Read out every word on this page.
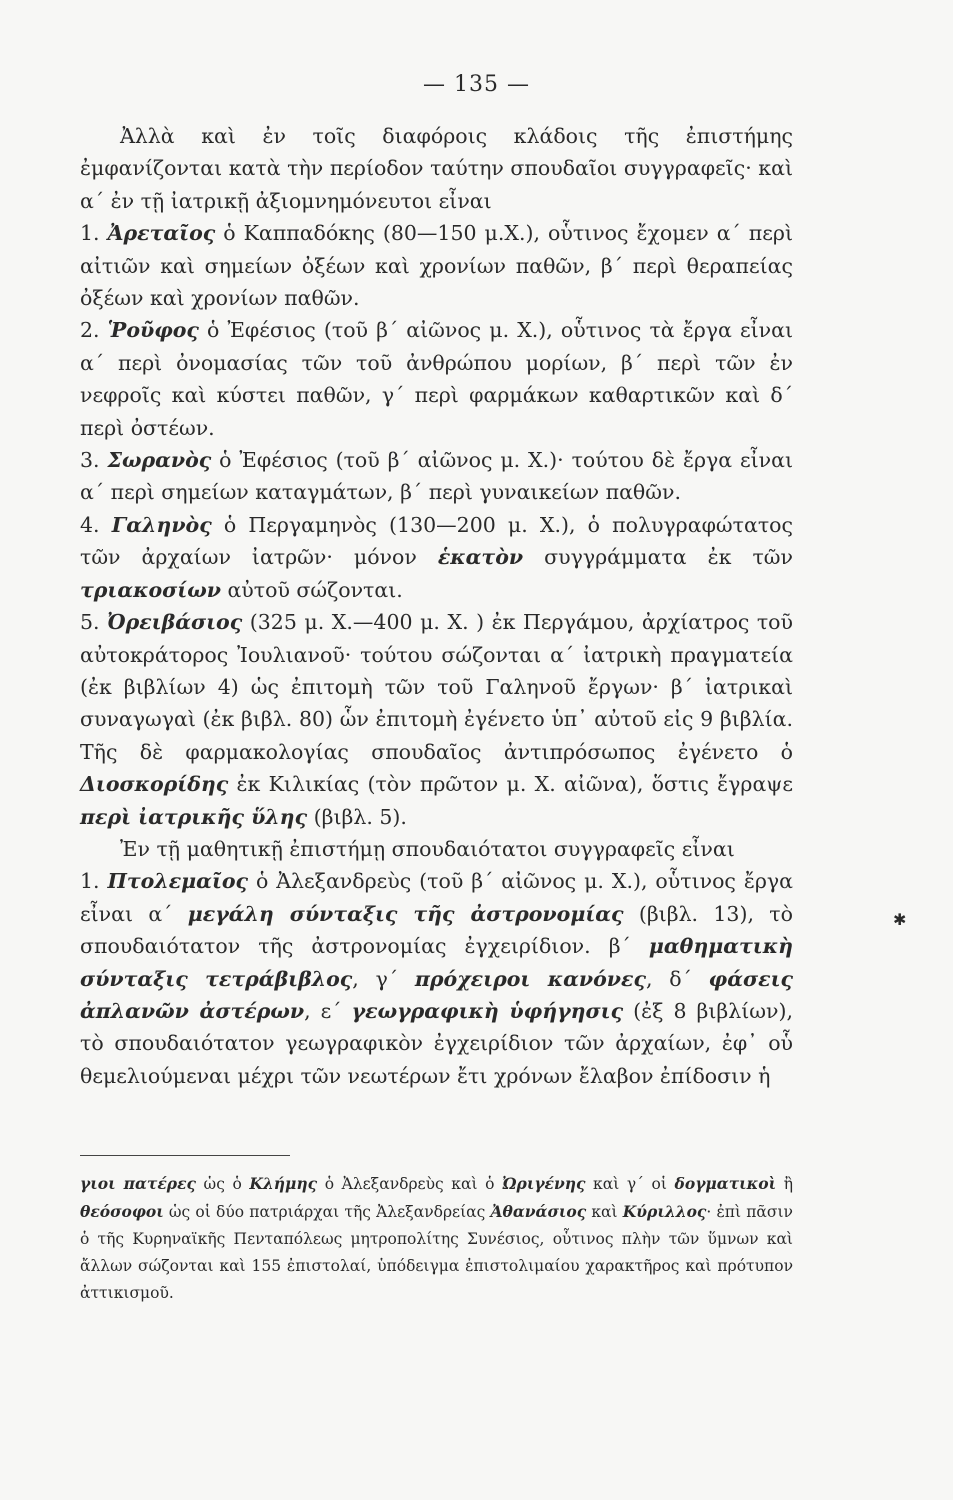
— 135 —

Ἀλλὰ καὶ ἐν τοῖς διαφόροις κλάδοις τῆς ἐπιστήμης ἐμφανίζονται κατὰ τὴν περίοδον ταύτην σπουδαῖοι συγγραφεῖς· καὶ α΄ ἐν τῇ ἰατρικῇ ἀξιομνημόνευτοι εἶναι

1. Ἀρεταῖος ὁ Καππαδόκης (80—150 μ.Χ.), οὗτινος ἔχομεν α΄ περὶ αἰτιῶν καὶ σημείων ὀξέων καὶ χρονίων παθῶν, β΄ περὶ θεραπείας ὀξέων καὶ χρονίων παθῶν.

2. Ῥοῦφος ὁ Ἐφέσιος (τοῦ β΄ αἰῶνος μ. Χ.), οὗτινος τὰ ἔργα εἶναι α΄ περὶ ὀνομασίας τῶν τοῦ ἀνθρώπου μορίων, β΄ περὶ τῶν ἐν νεφροῖς καὶ κύστει παθῶν, γ΄ περὶ φαρμάκων καθαρτικῶν καὶ δ΄ περὶ ὀστέων.

3. Σωρανὸς ὁ Ἐφέσιος (τοῦ β΄ αἰῶνος μ. Χ.)· τούτου δὲ ἔργα εἶναι α΄ περὶ σημείων καταγμάτων, β΄ περὶ γυναικείων παθῶν.

4. Γαληνὸς ὁ Περγαμηνὸς (130—200 μ. Χ.), ὁ πολυγραφώτατος τῶν ἀρχαίων ἰατρῶν· μόνον ἑκατὸν συγγράμματα ἐκ τῶν τριακοσίων αὐτοῦ σώζονται.

5. Ὀρειβάσιος (325 μ. Χ.—400 μ. Χ. ) ἐκ Περγάμου, ἀρχίατρος τοῦ αὐτοκράτορος Ἰουλιανοῦ· τούτου σώζονται α΄ ἰατρικὴ πραγματεία (ἐκ βιβλίων 4) ὡς ἐπιτομὴ τῶν τοῦ Γαληνοῦ ἔργων· β΄ ἰατρικαὶ συναγωγαὶ (ἐκ βιβλ. 80) ὧν ἐπιτομὴ ἐγένετο ὑπ᾽ αὐτοῦ εἰς 9 βιβλία. Τῆς δὲ φαρμακολογίας σπουδαῖος ἀντιπρόσωπος ἐγένετο ὁ Διοσκορίδης ἐκ Κιλικίας (τὸν πρῶτον μ. Χ. αἰῶνα), ὅστις ἔγραψε περὶ ἰατρικῆς ὕλης (βιβλ. 5).

Ἐν τῇ μαθητικῇ ἐπιστήμῃ σπουδαιότατοι συγγραφεῖς εἶναι

1. Πτολεμαῖος ὁ Ἀλεξανδρεὺς (τοῦ β΄ αἰῶνος μ. Χ.), οὗτινος ἔργα εἶναι α΄ μεγάλη σύνταξις τῆς ἀστρονομίας (βιβλ. 13), τὸ σπουδαιότατον τῆς ἀστρονομίας ἐγχειρίδιον. β΄ μαθηματικὴ σύνταξις τετράβιβλος, γ΄ πρόχειροι κανόνες, δ΄ φάσεις ἀπλανῶν ἀστέρων, ε΄ γεωγραφικὴ ὑφήγησις (ἐξ 8 βιβλίων), τὸ σπουδαιότατον γεωγραφικὸν ἐγχειρίδιον τῶν ἀρχαίων, ἐφ᾽ οὗ θεμελιούμεναι μέχρι τῶν νεωτέρων ἔτι χρόνων ἔλαβον ἐπίδοσιν ἡ

✱

γιοι πατέρες ὡς ὁ Κλήμης ὁ Ἀλεξανδρεὺς καὶ ὁ Ὠριγένης καὶ γ΄ οἱ δογματικοὶ ἢ θεόσοφοι ὡς οἱ δύο πατριάρχαι τῆς Ἀλεξανδρείας Ἀθανάσιος καὶ Κύριλλος· ἐπὶ πᾶσιν ὁ τῆς Κυρηναϊκῆς Πενταπόλεως μητροπολίτης Συνέσιος, οὗτινος πλὴν τῶν ὕμνων καὶ ἄλλων σώζονται καὶ 155 ἐπιστολαί, ὑπόδειγμα ἐπιστολιμαίου χαρακτῆρος καὶ πρότυπον ἀττικισμοῦ.
